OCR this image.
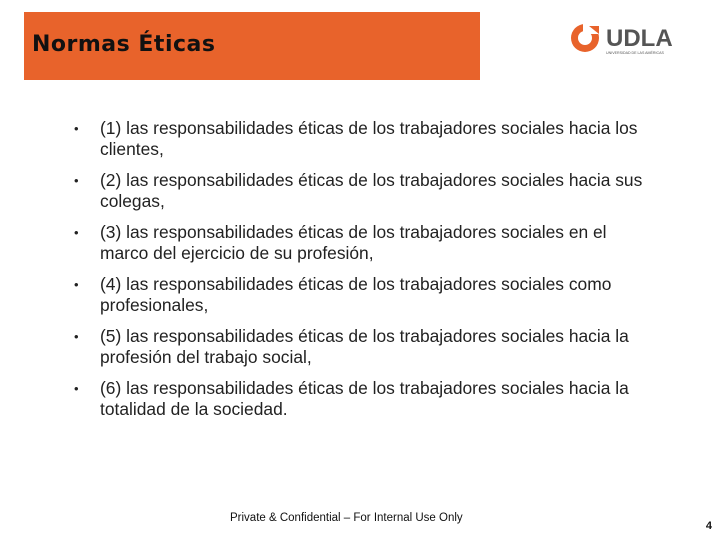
Normas Éticas	UDLA
UNIVERSIDAD DE LAS AMÉRICAS
• (1) las responsabilidades éticas de los trabajadores sociales hacia los clientes,
• (2) las responsabilidades éticas de los trabajadores sociales hacia sus colegas,
• (3) las responsabilidades éticas de los trabajadores sociales en el marco del ejercicio de su profesión,
• (4) las responsabilidades éticas de los trabajadores sociales como profesionales,
• (5) las responsabilidades éticas de los trabajadores sociales hacia la profesión del trabajo social,
• (6) las responsabilidades éticas de los trabajadores sociales hacia la totalidad de la sociedad.
Private & Confidential – For Internal Use Only
4
